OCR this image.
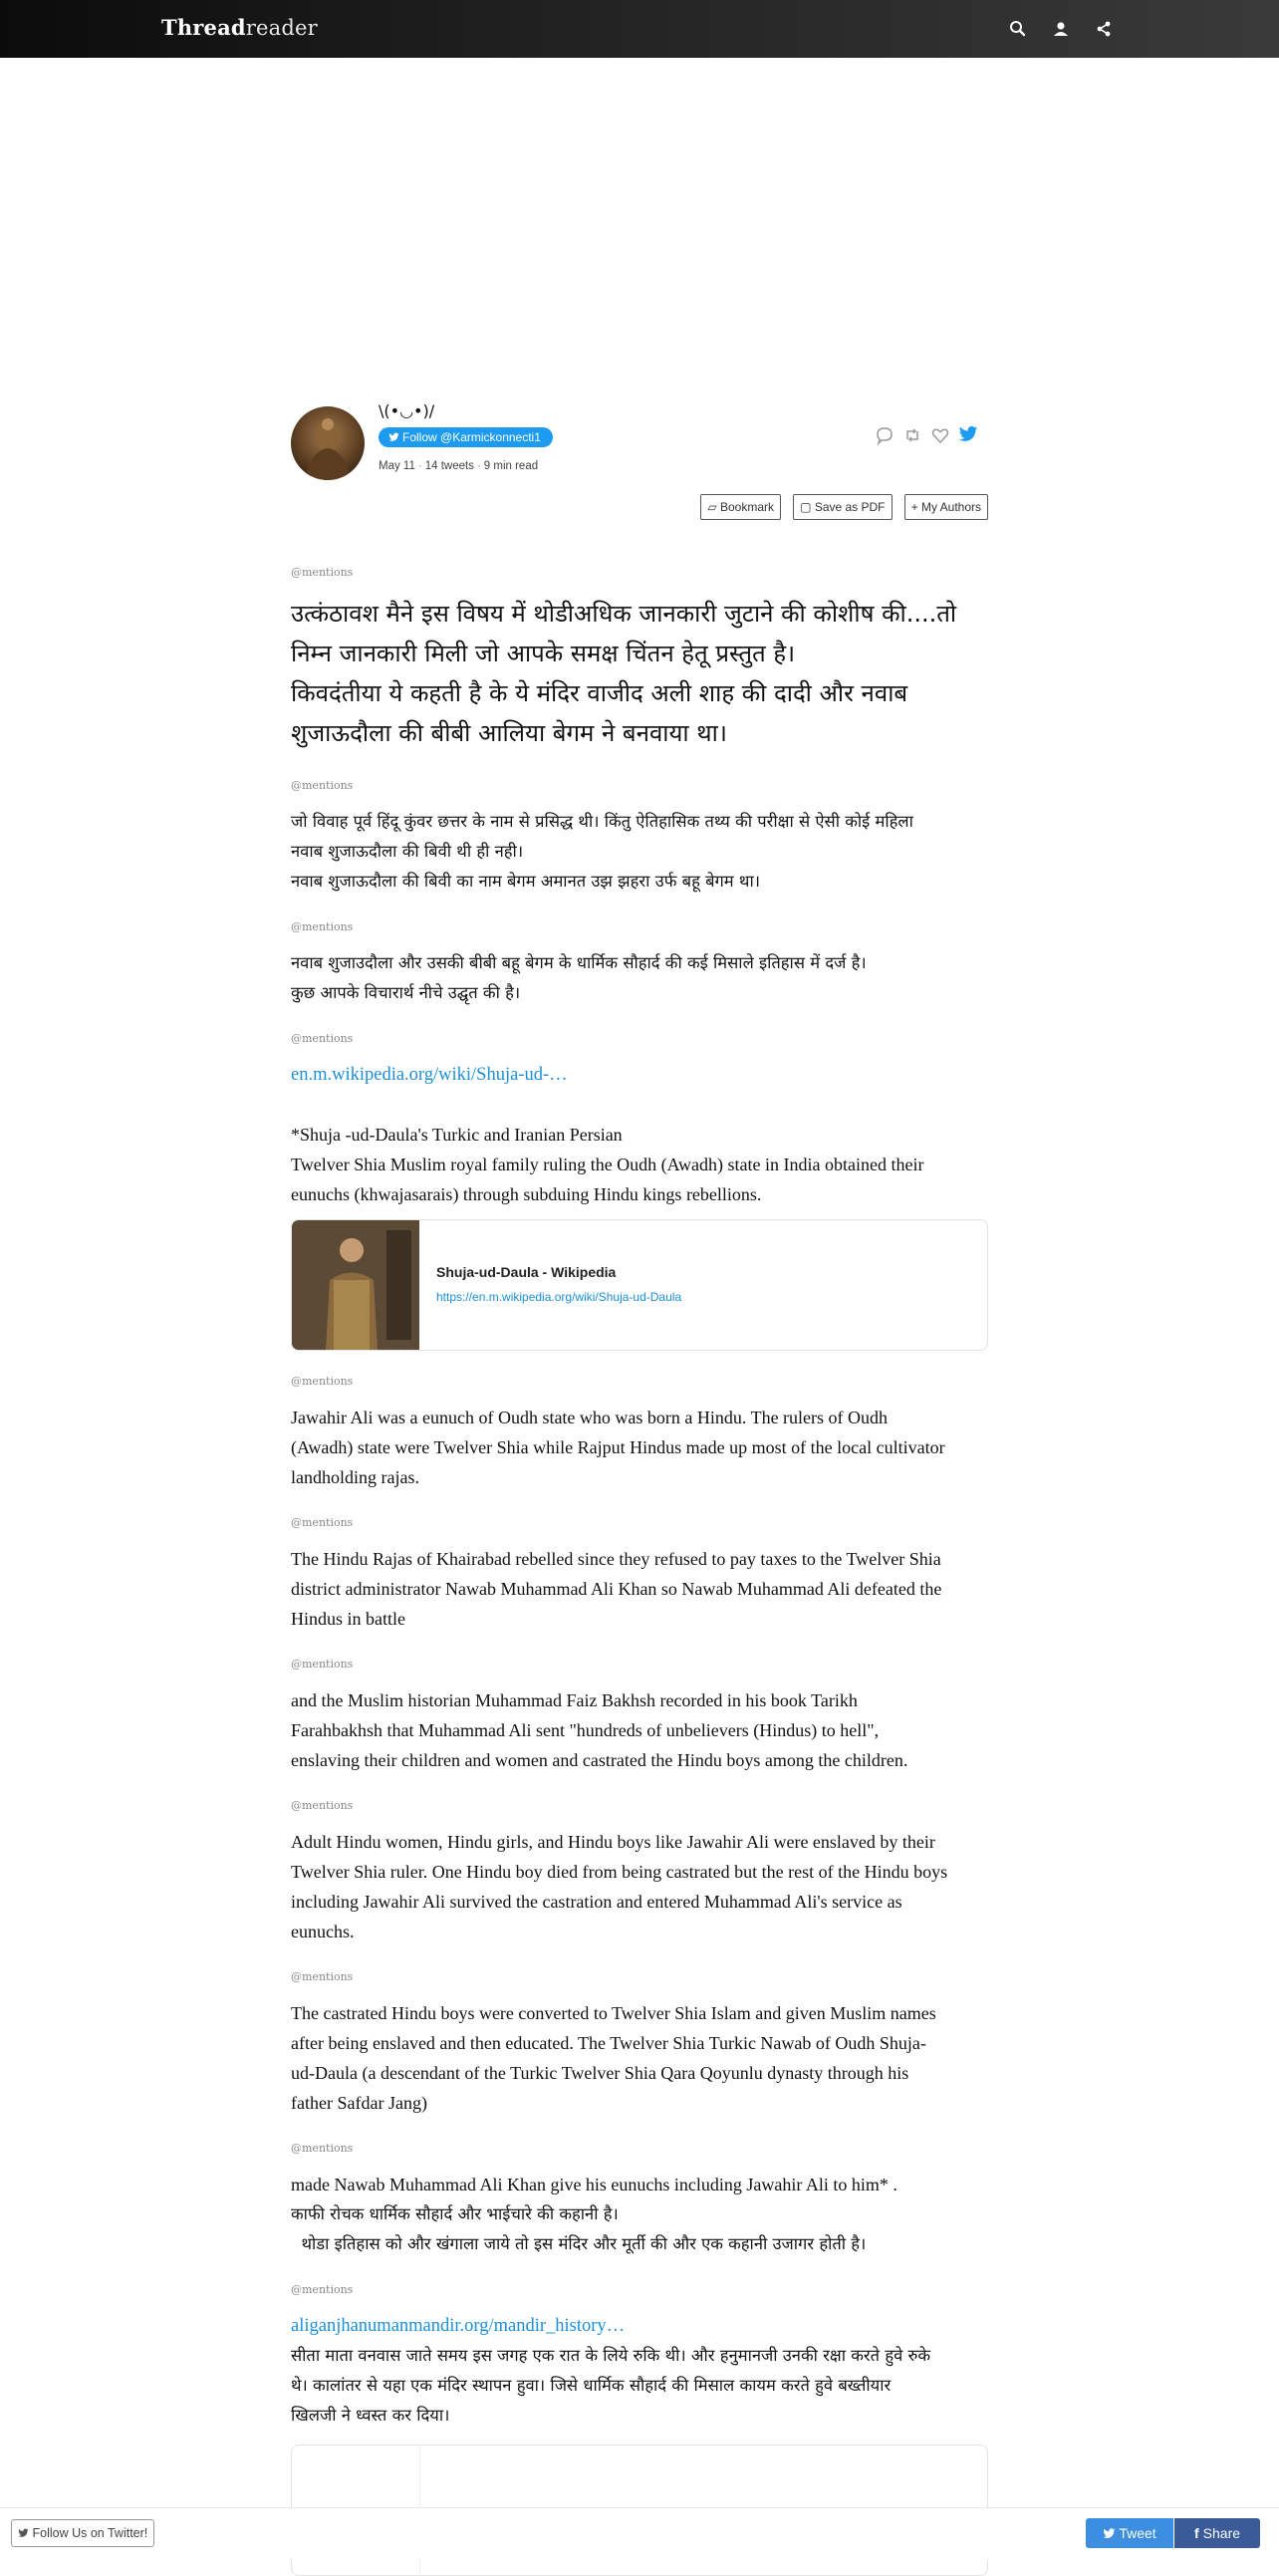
Threadreader
\(•◡•)/͏
Follow @Karmickonnecti1
May 11 · 14 tweets · 9 min read

▱ Bookmark ▢ Save as PDF + My Authors

@mentions

उत्कंठावश मैने इस विषय में थोडीअधिक जानकारी जुटाने की कोशीष की....तो
निम्न जानकारी मिली जो आपके समक्ष चिंतन हेतू प्रस्तुत है।
किवदंतीया ये कहती है के ये मंदिर वाजीद अली शाह की दादी और नवाब
शुजाऊदौला की बीबी आलिया बेगम ने बनवाया था।

@mentions

जो विवाह पूर्व हिंदू कुंवर छत्तर के नाम से प्रसिद्ध थी। किंतु ऐतिहासिक तथ्य की परीक्षा से ऐसी कोई महिला
नवाब शुजाऊदौला की बिवी थी ही नही।
नवाब शुजाऊदौला की बिवी का नाम बेगम अमानत उझ झहरा उर्फ बहू बेगम था।

@mentions

नवाब शुजाउदौला और उसकी बीबी बहू बेगम के धार्मिक सौहार्द की कई मिसाले इतिहास में दर्ज है।
कुछ आपके विचारार्थ नीचे उद्घृत की है।

@mentions

en.m.wikipedia.org/wiki/Shuja-ud-…
*Shuja -ud-Daula's Turkic and Iranian Persian
Twelver Shia Muslim royal family ruling the Oudh (Awadh) state in India obtained their
eunuchs (khwajasarais) through subduing Hindu kings rebellions.
Shuja-ud-Daula - Wikipedia
https://en.m.wikipedia.org/wiki/Shuja-ud-Daula

@mentions

Jawahir Ali was a eunuch of Oudh state who was born a Hindu. The rulers of Oudh
(Awadh) state were Twelver Shia while Rajput Hindus made up most of the local cultivator
landholding rajas.

@mentions

The Hindu Rajas of Khairabad rebelled since they refused to pay taxes to the Twelver Shia
district administrator Nawab Muhammad Ali Khan so Nawab Muhammad Ali defeated the
Hindus in battle

@mentions

and the Muslim historian Muhammad Faiz Bakhsh recorded in his book Tarikh
Farahbakhsh that Muhammad Ali sent "hundreds of unbelievers (Hindus) to hell",
enslaving their children and women and castrated the Hindu boys among the children.

@mentions

Adult Hindu women, Hindu girls, and Hindu boys like Jawahir Ali were enslaved by their
Twelver Shia ruler. One Hindu boy died from being castrated but the rest of the Hindu boys
including Jawahir Ali survived the castration and entered Muhammad Ali's service as
eunuchs.

@mentions

The castrated Hindu boys were converted to Twelver Shia Islam and given Muslim names
after being enslaved and then educated. The Twelver Shia Turkic Nawab of Oudh Shuja-
ud-Daula (a descendant of the Turkic Twelver Shia Qara Qoyunlu dynasty through his
father Safdar Jang)

@mentions

made Nawab Muhammad Ali Khan give his eunuchs including Jawahir Ali to him* .
काफी रोचक धार्मिक सौहार्द और भाईचारे की कहानी है।
थोडा इतिहास को और खंगाला जाये तो इस मंदिर और मूर्ती की और एक कहानी उजागर होती है।

@mentions

aliganjhanumanmandir.org/mandir_history…
सीता माता वनवास जाते समय इस जगह एक रात के लिये रुकि थी। और हनुमानजी उनकी रक्षा करते हुवे रुके
थे। कालांतर से यहा एक मंदिर स्थापन हुवा। जिसे धार्मिक सौहार्द की मिसाल कायम करते हुवे बख्तीयार
खिलजी ने ध्वस्त कर दिया।
Follow Us on Twitter!	Tweet	f Share
